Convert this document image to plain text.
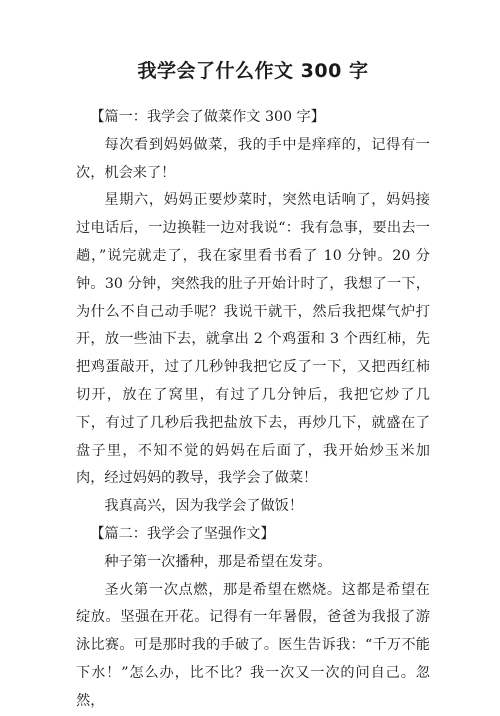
我学会了什么作文 300 字

【篇一：我学会了做菜作文 300 字】

每次看到妈妈做菜，我的手中是痒痒的，记得有一次，机会来了！

星期六，妈妈正要炒菜时，突然电话响了，妈妈接过电话后，一边换鞋一边对我说“：我有急事，要出去一趟，”说完就走了，我在家里看书看了 10 分钟。20 分钟。30 分钟，突然我的肚子开始计时了，我想了一下，为什么不自己动手呢？我说干就干，然后我把煤气炉打开，放一些油下去，就拿出 2 个鸡蛋和 3 个西红柿，先把鸡蛋敲开，过了几秒钟我把它反了一下，又把西红柿切开，放在了窝里，有过了几分钟后，我把它炒了几下，有过了几秒后我把盐放下去，再炒几下，就盛在了盘子里，不知不觉的妈妈在后面了，我开始炒玉米加肉，经过妈妈的教导，我学会了做菜！

我真高兴，因为我学会了做饭！

【篇二：我学会了坚强作文】

种子第一次播种，那是希望在发芽。

圣火第一次点燃，那是希望在燃烧。这都是希望在绽放。坚强在开花。记得有一年暑假，爸爸为我报了游泳比赛。可是那时我的手破了。医生告诉我：“千万不能下水！”怎么办，比不比？我一次又一次的问自己。忽然，
